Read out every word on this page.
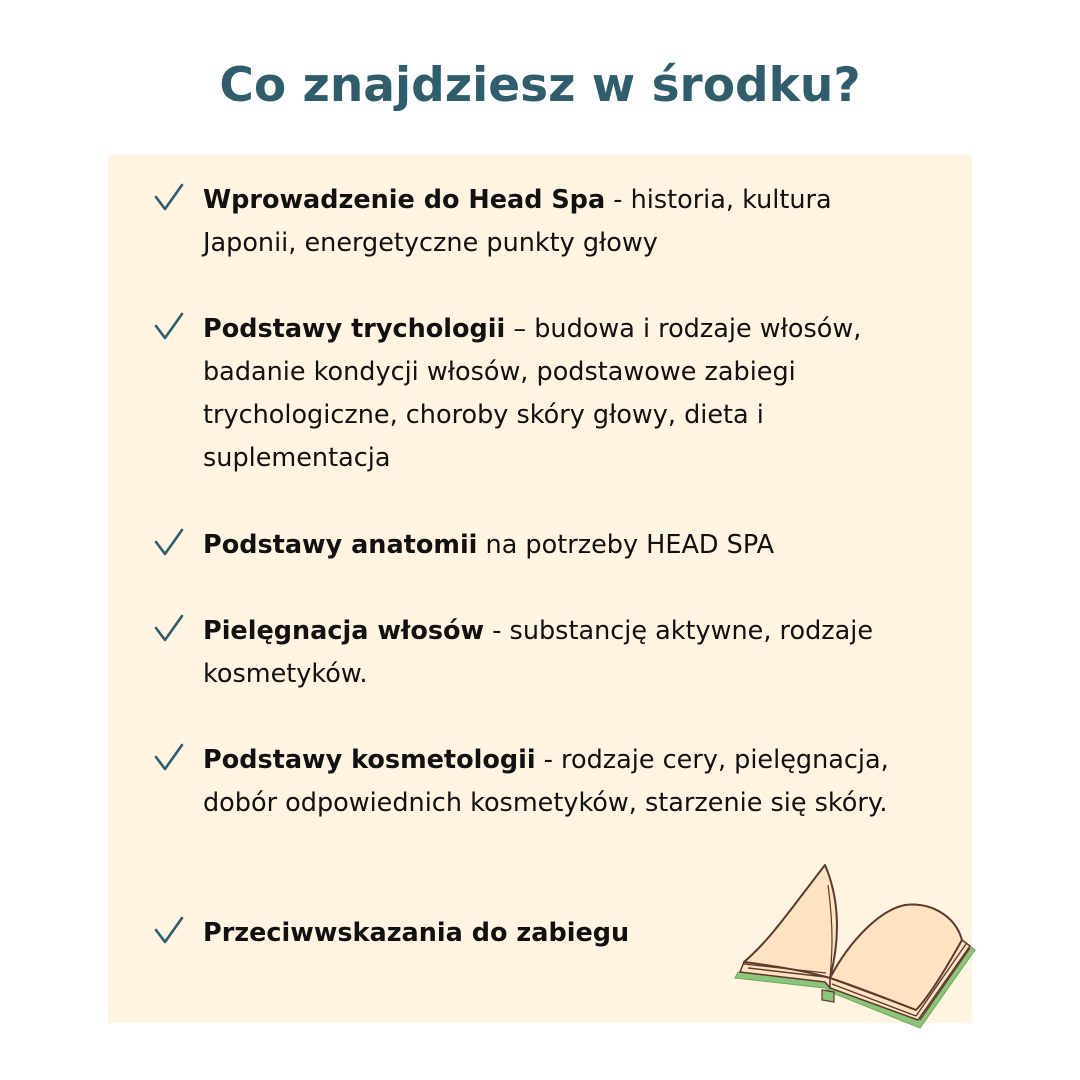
Co znajdziesz w środku?
Wprowadzenie do Head Spa - historia, kultura Japonii, energetyczne punkty głowy
Podstawy trychologii – budowa i rodzaje włosów, badanie kondycji włosów, podstawowe zabiegi trychologiczne, choroby skóry głowy, dieta i suplementacja
Podstawy anatomii na potrzeby HEAD SPA
Pielęgnacja włosów - substancję aktywne, rodzaje kosmetyków.
Podstawy kosmetologii - rodzaje cery, pielęgnacja, dobór odpowiednich kosmetyków, starzenie się skóry.
Przeciwwskazania do zabiegu
